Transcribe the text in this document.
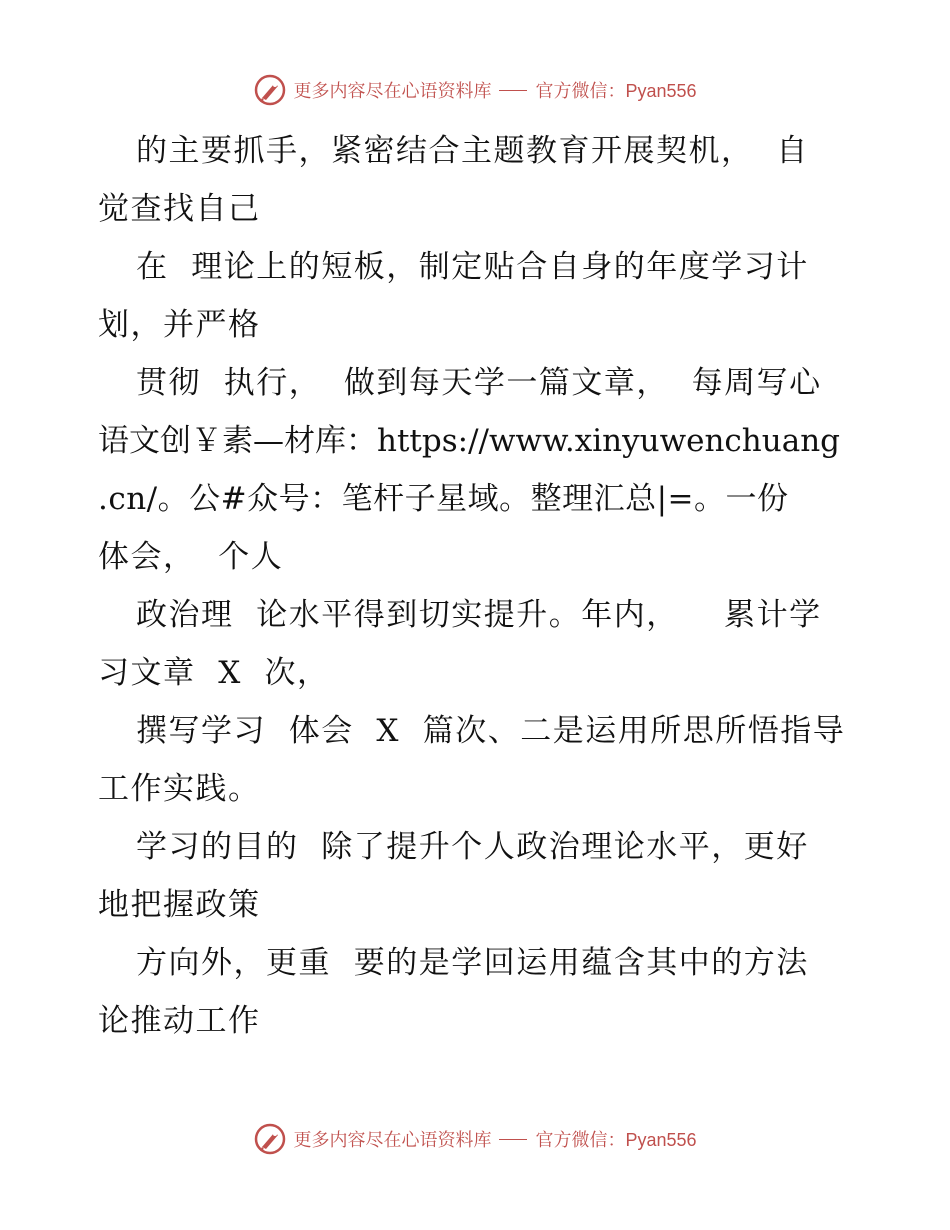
更多内容尽在心语资料库 官方微信：Pyan556
的主要抓手，紧密结合主题教育开展契机，  自
觉查找自己
在  理论上的短板，制定贴合自身的年度学习计
划，并严格
贯彻  执行，  做到每天学一篇文章，  每周写心
语文创￥素—材库：https://www.xinyuwenchuang
.cn/。公#众号：笔杆子星域。整理汇总|=。一份
体会，  个人
政治理  论水平得到切实提升。年内，    累计学
习文章  X  次，
撰写学习  体会  X  篇次、二是运用所思所悟指导
工作实践。
学习的目的  除了提升个人政治理论水平，更好
地把握政策
方向外，更重  要的是学回运用蕴含其中的方法
论推动工作
更多内容尽在心语资料库 官方微信：Pyan556
